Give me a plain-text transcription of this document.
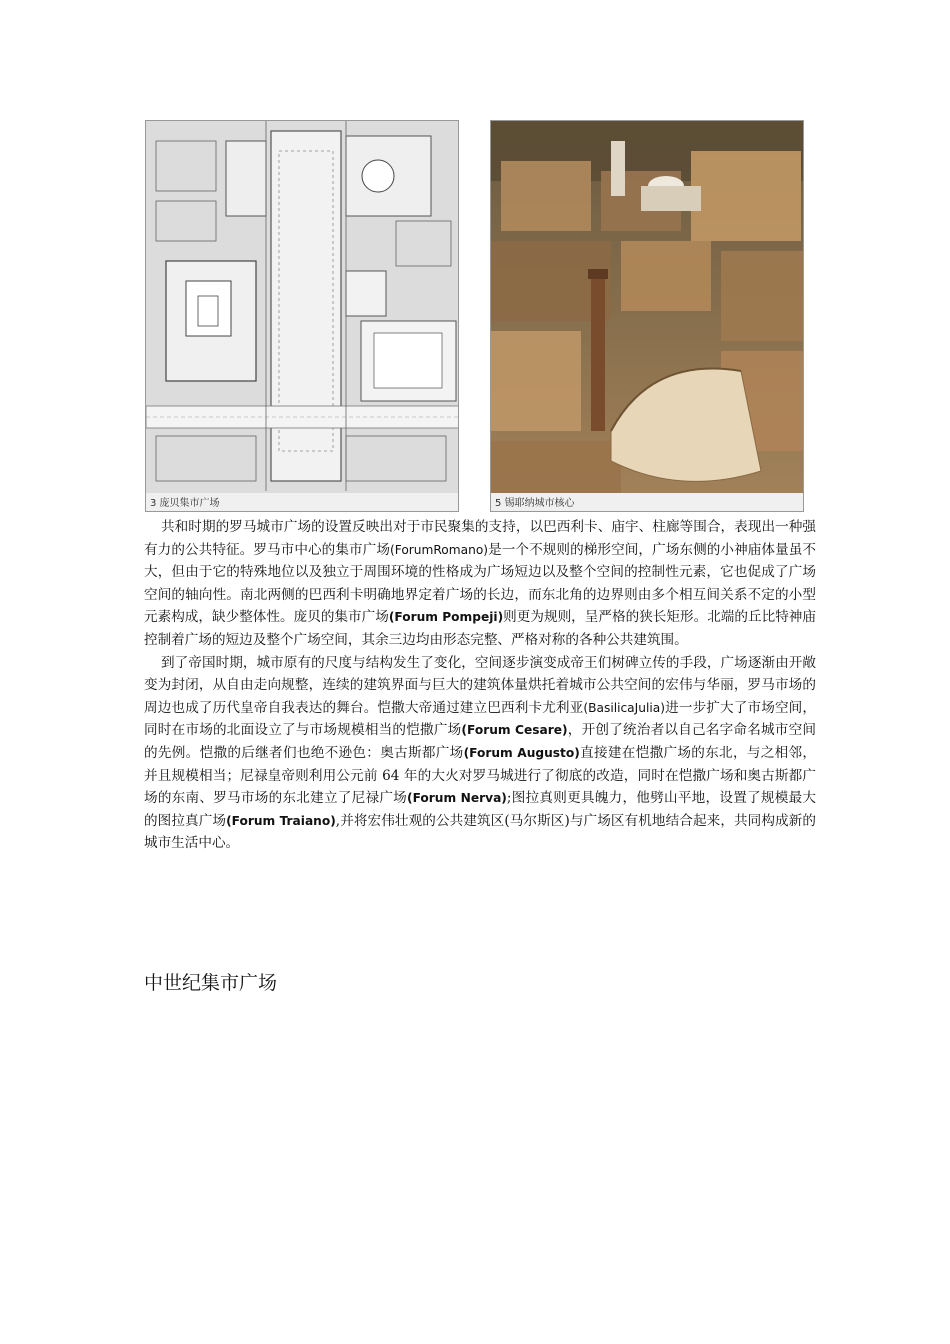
3 庞贝集市广场	5 锡耶纳城市核心

共和时期的罗马城市广场的设置反映出对于市民聚集的支持，以巴西利卡、庙宇、柱廊等围合，表现出一种强有力的公共特征。罗马市中心的集市广场(ForumRomano)是一个不规则的梯形空间，广场东侧的小神庙体量虽不大，但由于它的特殊地位以及独立于周围环境的性格成为广场短边以及整个空间的控制性元素，它也促成了广场空间的轴向性。南北两侧的巴西利卡明确地界定着广场的长边，而东北角的边界则由多个相互间关系不定的小型元素构成，缺少整体性。庞贝的集市广场(Forum Pompeji)则更为规则，呈严格的狭长矩形。北端的丘比特神庙控制着广场的短边及整个广场空间，其余三边均由形态完整、严格对称的各种公共建筑围。

到了帝国时期，城市原有的尺度与结构发生了变化，空间逐步演变成帝王们树碑立传的手段，广场逐渐由开敞变为封闭，从自由走向规整，连续的建筑界面与巨大的建筑体量烘托着城市公共空间的宏伟与华丽，罗马市场的周边也成了历代皇帝自我表达的舞台。恺撒大帝通过建立巴西利卡尤利亚(BasilicaJulia)进一步扩大了市场空间，同时在市场的北面设立了与市场规模相当的恺撒广场(Forum Cesare)，开创了统治者以自己名字命名城市空间的先例。恺撒的后继者们也绝不逊色：奥古斯都广场(Forum Augusto)直接建在恺撒广场的东北，与之相邻，并且规模相当；尼禄皇帝则利用公元前 64 年的大火对罗马城进行了彻底的改造，同时在恺撒广场和奥古斯都广场的东南、罗马市场的东北建立了尼禄广场(Forum Nerva);图拉真则更具魄力，他劈山平地，设置了规模最大的图拉真广场(Forum Traiano),并将宏伟壮观的公共建筑区(马尔斯区)与广场区有机地结合起来，共同构成新的城市生活中心。

中世纪集市广场
